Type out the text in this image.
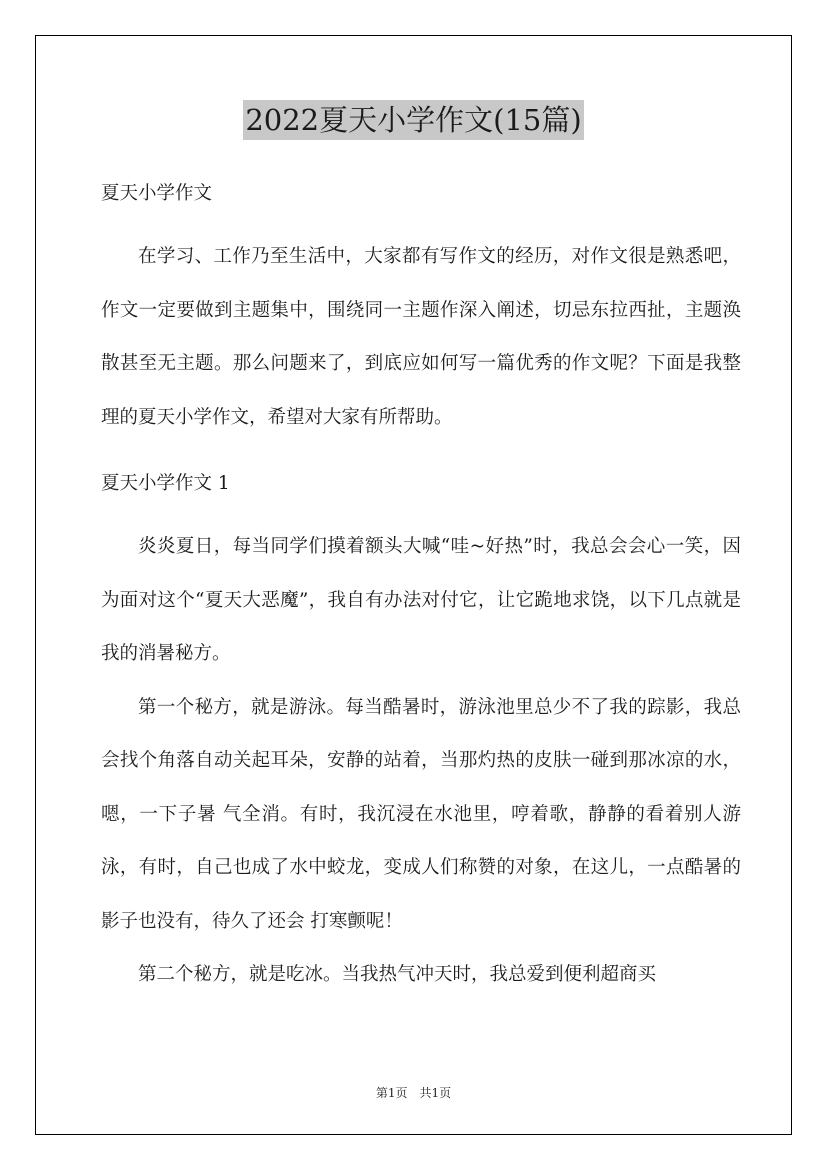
2022夏天小学作文(15篇)
夏天小学作文

在学习、工作乃至生活中，大家都有写作文的经历，对作文很是熟悉吧，作文一定要做到主题集中，围绕同一主题作深入阐述，切忌东拉西扯，主题涣散甚至无主题。那么问题来了，到底应如何写一篇优秀的作文呢？下面是我整理的夏天小学作文，希望对大家有所帮助。

夏天小学作文 1

炎炎夏日，每当同学们摸着额头大喊“哇~好热”时，我总会会心一笑，因为面对这个“夏天大恶魔”，我自有办法对付它，让它跪地求饶，以下几点就是我的消暑秘方。

第一个秘方，就是游泳。每当酷暑时，游泳池里总少不了我的踪影，我总会找个角落自动关起耳朵，安静的站着，当那灼热的皮肤一碰到那冰凉的水，嗯，一下子暑 气全消。有时，我沉浸在水池里，哼着歌，静静的看着别人游泳，有时，自己也成了水中蛟龙，变成人们称赞的对象，在这儿，一点酷暑的影子也没有，待久了还会 打寒颤呢！

第二个秘方，就是吃冰。当我热气冲天时，我总爱到便利超商买

第1页　共1页
